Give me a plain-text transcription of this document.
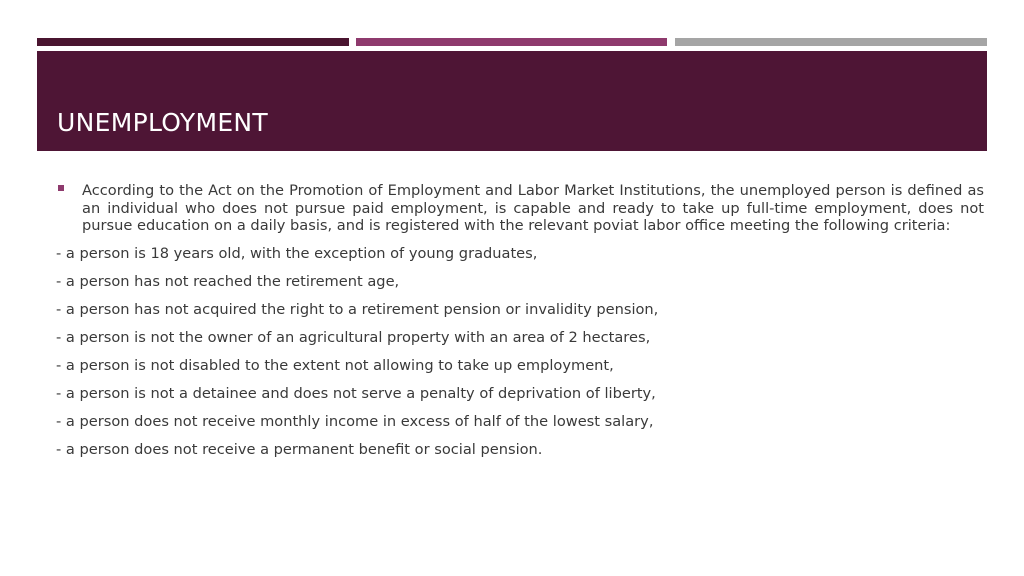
UNEMPLOYMENT

According to the Act on the Promotion of Employment and Labor Market Institutions, the unemployed person is defined as an individual who does not pursue paid employment, is capable and ready to take up full-time employment, does not pursue education on a daily basis, and is registered with the relevant poviat labor office meeting the following criteria:

- a person is 18 years old, with the exception of young graduates,
- a person has not reached the retirement age,
- a person has not acquired the right to a retirement pension or invalidity pension,
- a person is not the owner of an agricultural property with an area of 2 hectares,
- a person is not disabled to the extent not allowing to take up employment,
- a person is not a detainee and does not serve a penalty of deprivation of liberty,
- a person does not receive monthly income in excess of half of the lowest salary,
- a person does not receive a permanent benefit or social pension.
